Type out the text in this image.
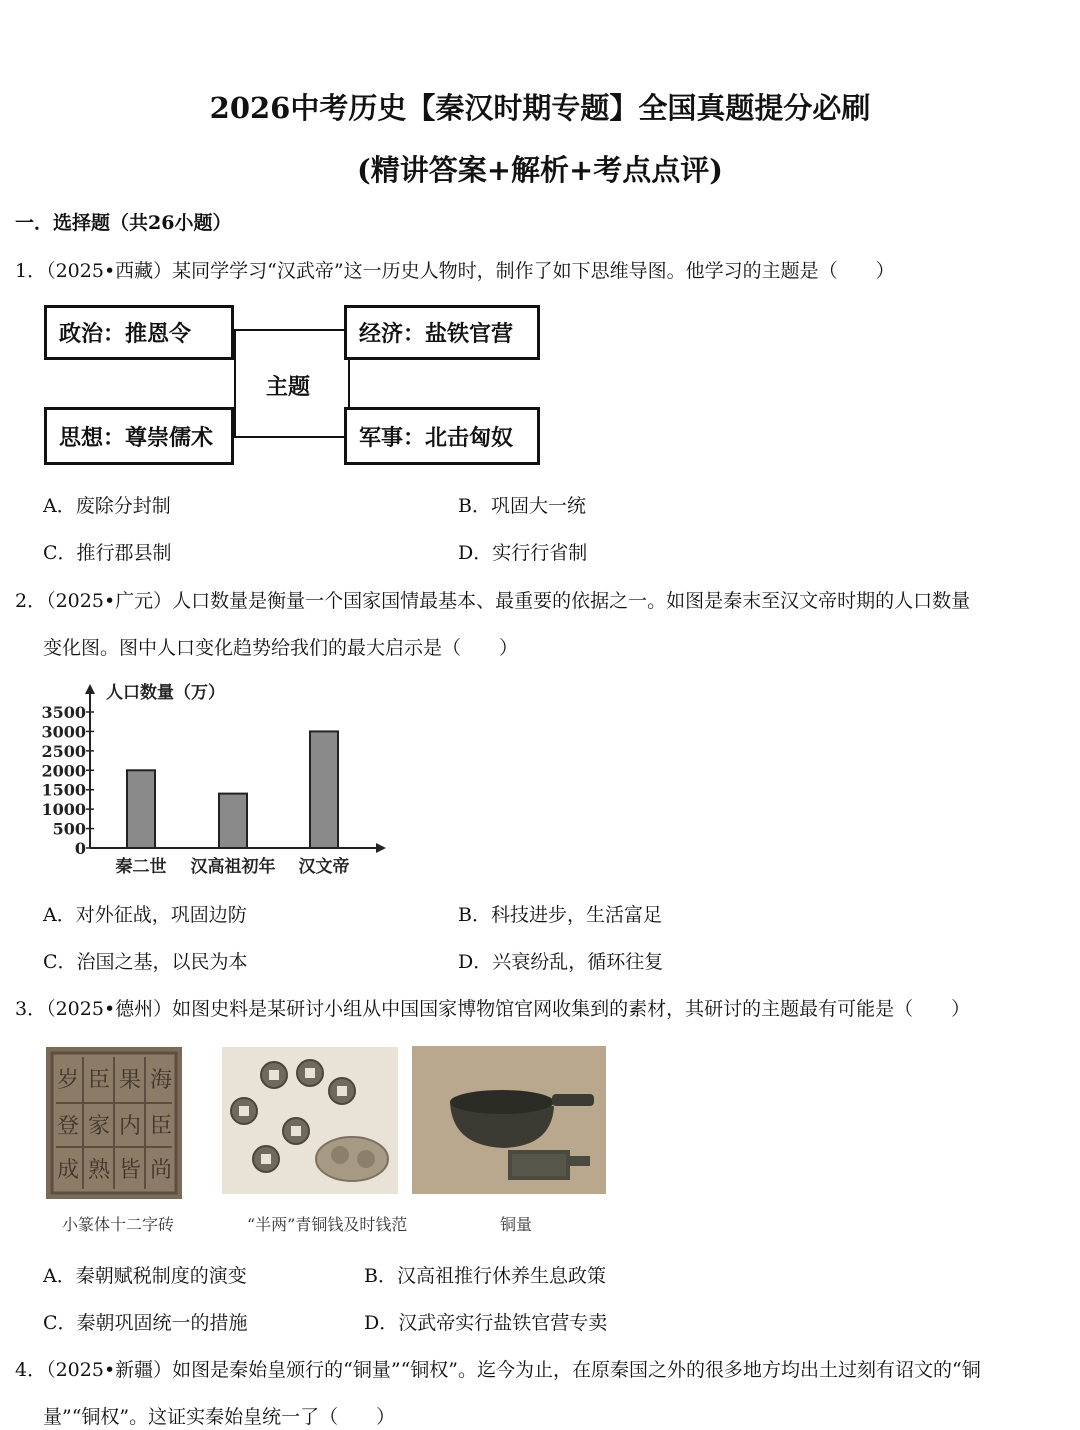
2026中考历史【秦汉时期专题】全国真题提分必刷
(精讲答案+解析+考点点评)
一．选择题（共26小题）
1．（2025•西藏）某同学学习“汉武帝”这一历史人物时，制作了如下思维导图。他学习的主题是（　　）
政治：推恩令	经济：盐铁官营
主题
思想：尊崇儒术	军事：北击匈奴
A．废除分封制	B．巩固大一统
C．推行郡县制	D．实行行省制
2．（2025•广元）人口数量是衡量一个国家国情最基本、最重要的依据之一。如图是秦末至汉文帝时期的人口数量
变化图。图中人口变化趋势给我们的最大启示是（　　）
人口数量（万）
0
500
1000
1500
2000
2500
3000
3500
秦二世 汉高祖初年 汉文帝
A．对外征战，巩固边防	B．科技进步，生活富足
C．治国之基，以民为本	D．兴衰纷乱，循环往复
3．（2025•德州）如图史料是某研讨小组从中国国家博物馆官网收集到的素材，其研讨的主题最有可能是（　　）
海
臣
尚
果
内
皆
臣
家
熟
岁
登
成
小篆体十二字砖	“半两”青铜钱及时钱范	铜量
A．秦朝赋税制度的演变	B．汉高祖推行休养生息政策
C．秦朝巩固统一的措施	D．汉武帝实行盐铁官营专卖
4．（2025•新疆）如图是秦始皇颁行的“铜量”“铜权”。迄今为止，在原秦国之外的很多地方均出土过刻有诏文的“铜
量”“铜权”。这证实秦始皇统一了（　　）
